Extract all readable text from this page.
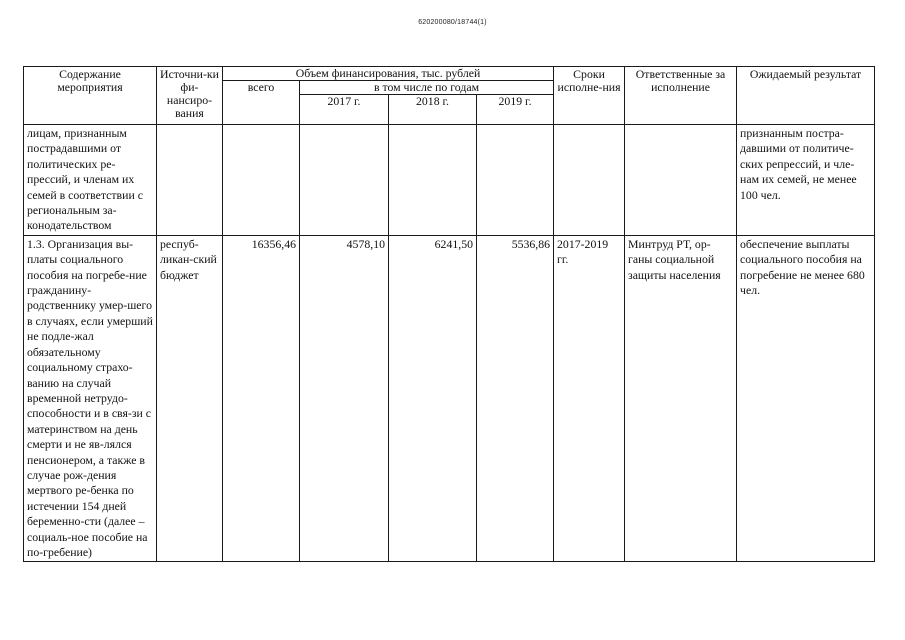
620200080/18744(1)
Содержание мероприятия	Источни-ки фи-нансиро-вания	Объем финансирования, тыс. рублей				Сроки исполне-ния	Ответственные за исполнение	Ожидаемый результат
		всего	в том числе по годам					
			2017 г.	2018 г.	2019 г.			
лицам, признанным пострадавшими от политических ре-прессий, и членам их семей в соответствии с региональным за-конодательством								признанным постра-давшими от политиче-ских репрессий, и чле-нам их семей, не менее 100 чел.
1.3. Организация вы-платы социального пособия на погребе-ние гражданину-родственнику умер-шего в случаях, если умерший не подле-жал обязательному социальному страхо-ванию на случай временной нетрудо-способности и в свя-зи с материнством на день смерти и не яв-лялся пенсионером, а также в случае рож-дения мертвого ре-бенка по истечении 154 дней беременно-сти (далее – социаль-ное пособие на по-гребение)	респуб-ликан-ский бюджет	16356,46	4578,10	6241,50	5536,86	2017-2019 гг.	Минтруд РТ, ор-ганы социальной защиты населения	обеспечение выплаты социального пособия на погребение не менее 680 чел.
